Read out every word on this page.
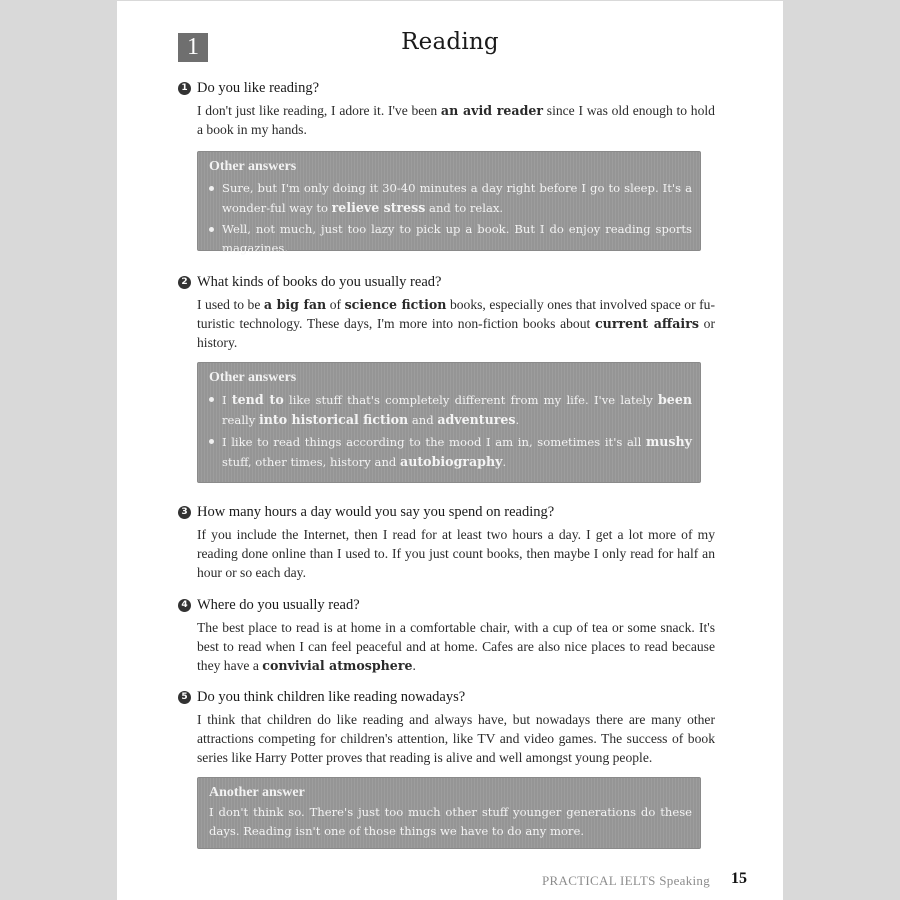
1	Reading
1 Do you like reading?
I don't just like reading, I adore it. I've been an avid reader since I was old enough to hold a book in my hands.
Other answers
Sure, but I'm only doing it 30-40 minutes a day right before I go to sleep. It's a wonder-ful way to relieve stress and to relax.
Well, not much, just too lazy to pick up a book. But I do enjoy reading sports magazines.
2 What kinds of books do you usually read?
I used to be a big fan of science fiction books, especially ones that involved space or fu-turistic technology. These days, I'm more into non-fiction books about current affairs or history.
Other answers
I tend to like stuff that's completely different from my life. I've lately been really into historical fiction and adventures.
I like to read things according to the mood I am in, sometimes it's all mushy stuff, other times, history and autobiography.
3 How many hours a day would you say you spend on reading?
If you include the Internet, then I read for at least two hours a day. I get a lot more of my reading done online than I used to. If you just count books, then maybe I only read for half an hour or so each day.
4 Where do you usually read?
The best place to read is at home in a comfortable chair, with a cup of tea or some snack. It's best to read when I can feel peaceful and at home. Cafes are also nice places to read because they have a convivial atmosphere.
5 Do you think children like reading nowadays?
I think that children do like reading and always have, but nowadays there are many other attractions competing for children's attention, like TV and video games. The success of book series like Harry Potter proves that reading is alive and well amongst young people.
Another answer

I don't think so. There's just too much other stuff younger generations do these days. Reading isn't one of those things we have to do any more.

PRACTICAL IELTS Speaking 15
